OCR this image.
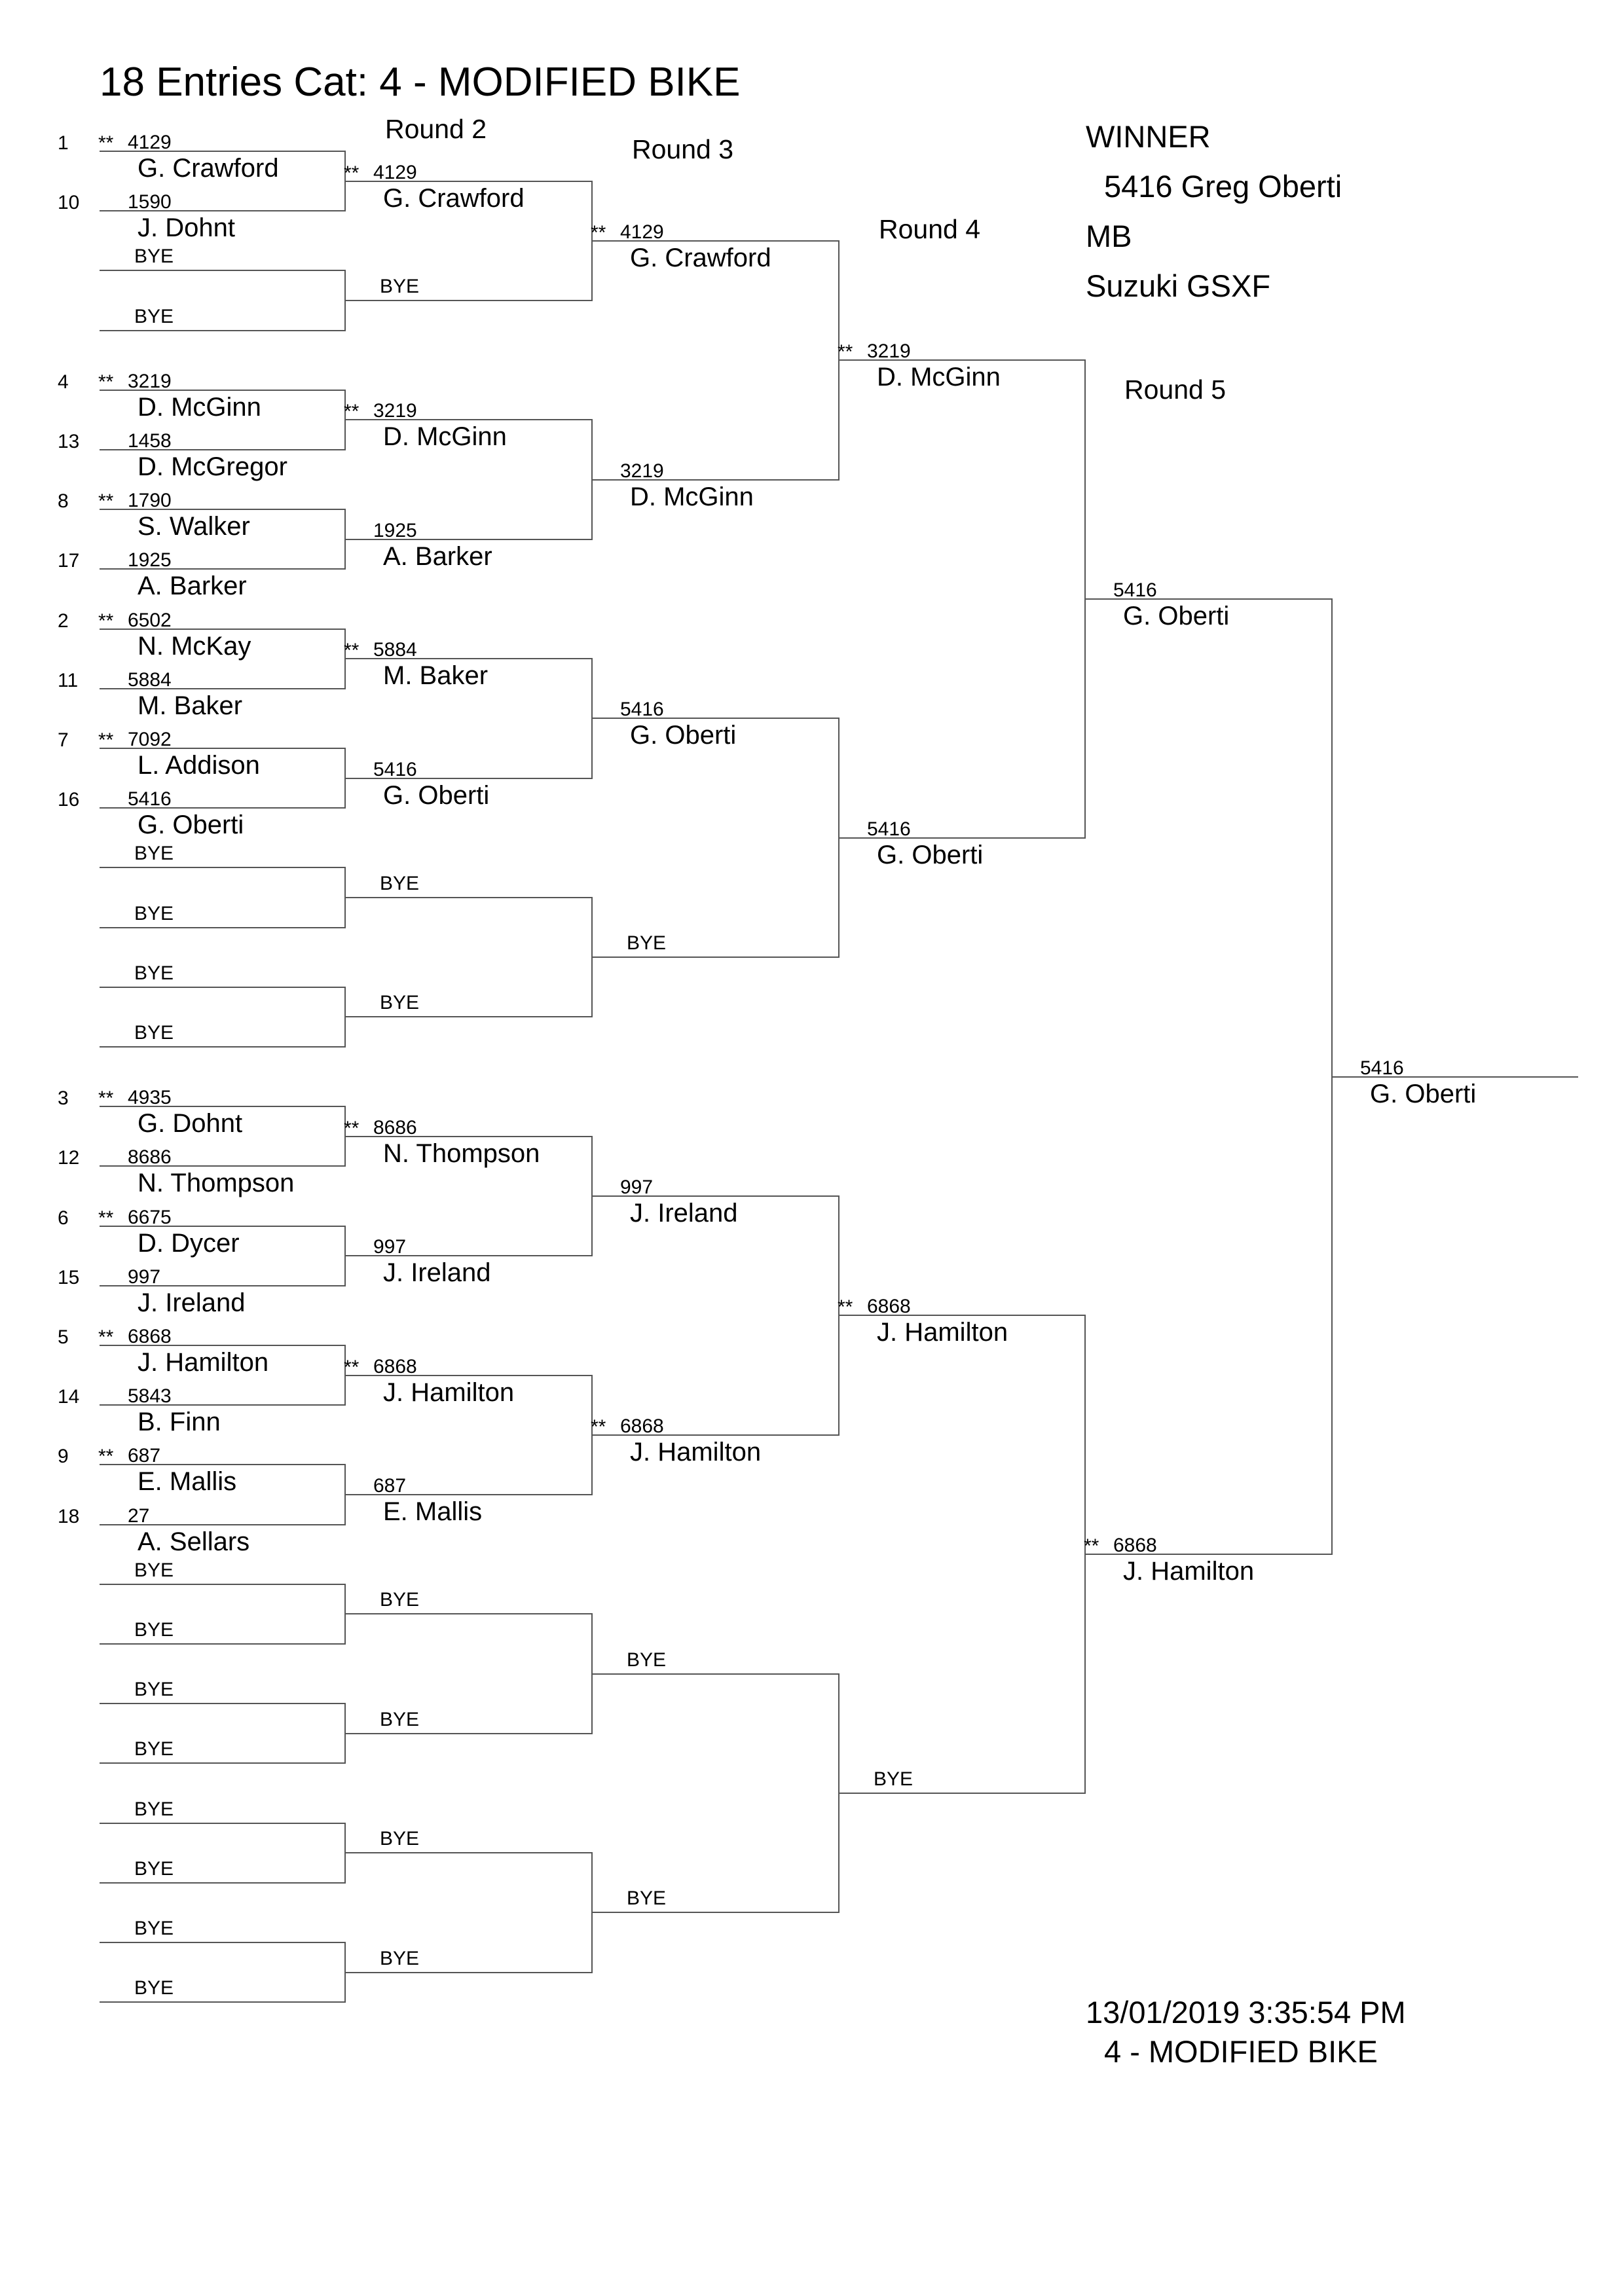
18 Entries Cat: 4 - MODIFIED BIKE
Round 2
Round 3
Round 4
Round 5
WINNER
5416 Greg Oberti
MB
Suzuki GSXF
13/01/2019 3:35:54 PM
4 - MODIFIED BIKE
1 ** 4129
G. Crawford
10 1590
J. Dohnt
BYE
BYE
4 ** 3219
D. McGinn
13 1458
D. McGregor
8 ** 1790
S. Walker
17 1925
A. Barker
2 ** 6502
N. McKay
11	5884
M. Baker
7 ** 7092
L. Addison
16 5416
G. Oberti
BYE
BYE
BYE
BYE
3 ** 4935
G. Dohnt
12 8686
N. Thompson
6 ** 6675
D. Dycer
15 997
J. Ireland
5 ** 6868
J. Hamilton
14 5843
B. Finn
9 ** 687
E. Mallis
18 27
A. Sellars
BYE
BYE
BYE
BYE
BYE
BYE
BYE
BYE
** 4129
G. Crawford
BYE
** 3219
D. McGinn
1925
A. Barker
** 5884
M. Baker
5416
G. Oberti
BYE
BYE
** 8686
N. Thompson
997
J. Ireland
** 6868
J. Hamilton
687
E. Mallis
BYE
BYE
BYE
BYE
** 4129
G. Crawford
3219
D. McGinn
5416
G. Oberti
BYE
997
J. Ireland
** 6868
J. Hamilton
BYE
BYE
** 3219
D. McGinn
5416
G. Oberti
** 6868
J. Hamilton
BYE
5416
G. Oberti
** 6868
J. Hamilton
5416
G. Oberti
